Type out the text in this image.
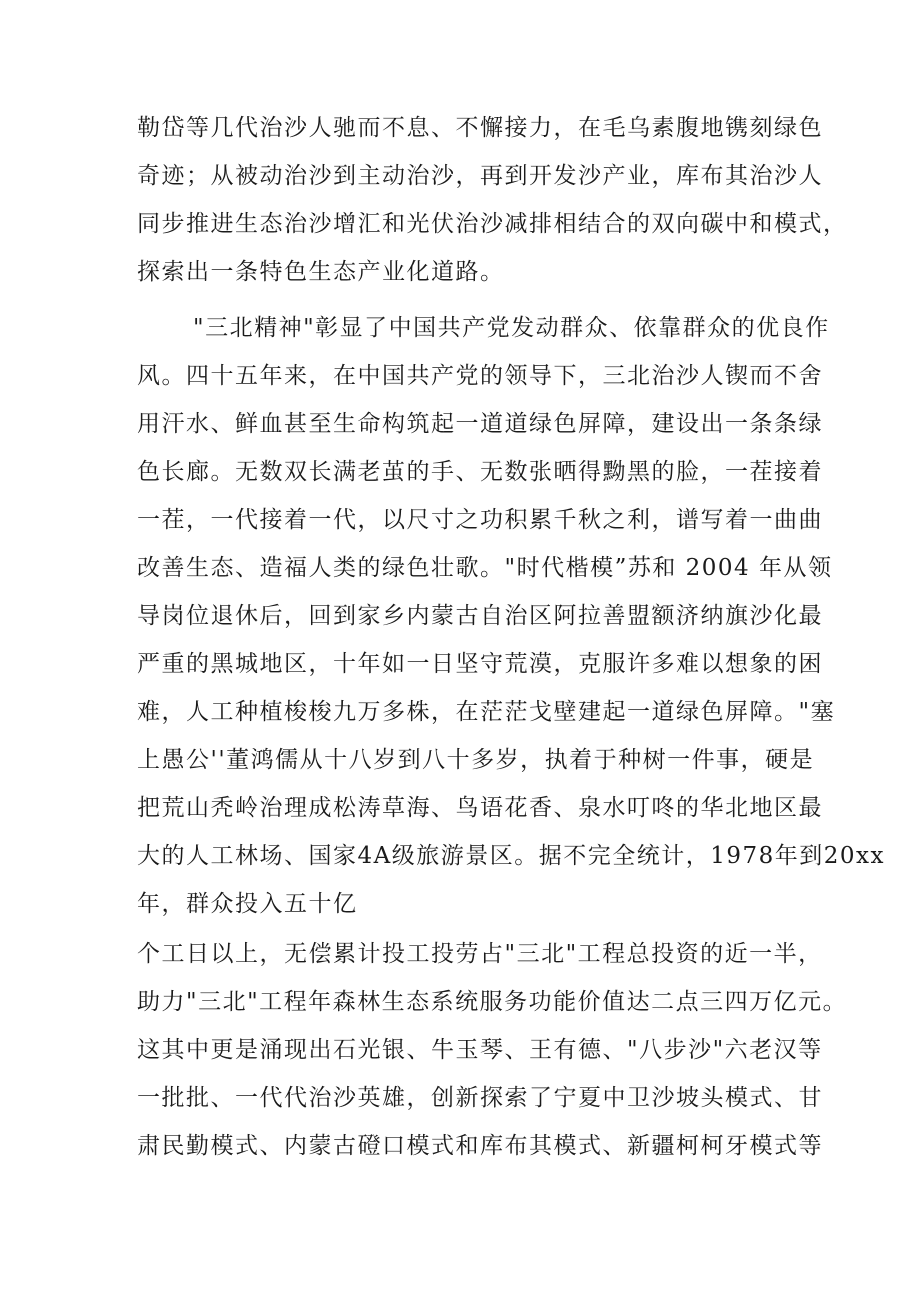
勒岱等几代治沙人驰而不息、不懈接力，在毛乌素腹地镌刻绿色
奇迹；从被动治沙到主动治沙，再到开发沙产业，库布其治沙人
同步推进生态治沙增汇和光伏治沙减排相结合的双向碳中和模式，
探索出一条特色生态产业化道路。
"三北精神"彰显了中国共产党发动群众、依靠群众的优良作
风。四十五年来，在中国共产党的领导下，三北治沙人锲而不舍
用汗水、鲜血甚至生命构筑起一道道绿色屏障，建设出一条条绿
色长廊。无数双长满老茧的手、无数张晒得黝黑的脸，一茬接着
一茬，一代接着一代，以尺寸之功积累千秋之利，谱写着一曲曲
改善生态、造福人类的绿色壮歌。"时代楷模”苏和 2004 年从领
导岗位退休后，回到家乡内蒙古自治区阿拉善盟额济纳旗沙化最
严重的黑城地区，十年如一日坚守荒漠，克服许多难以想象的困
难，人工种植梭梭九万多株，在茫茫戈壁建起一道绿色屏障。"塞
上愚公''董鸿儒从十八岁到八十多岁，执着于种树一件事，硬是
把荒山秃岭治理成松涛草海、鸟语花香、泉水叮咚的华北地区最
大的人工林场、国家4A级旅游景区。据不完全统计，1978年到20xx
年，群众投入五十亿
个工日以上，无偿累计投工投劳占"三北"工程总投资的近一半，
助力"三北"工程年森林生态系统服务功能价值达二点三四万亿元。
这其中更是涌现出石光银、牛玉琴、王有德、"八步沙"六老汉等
一批批、一代代治沙英雄，创新探索了宁夏中卫沙坡头模式、甘
肃民勤模式、内蒙古磴口模式和库布其模式、新疆柯柯牙模式等
